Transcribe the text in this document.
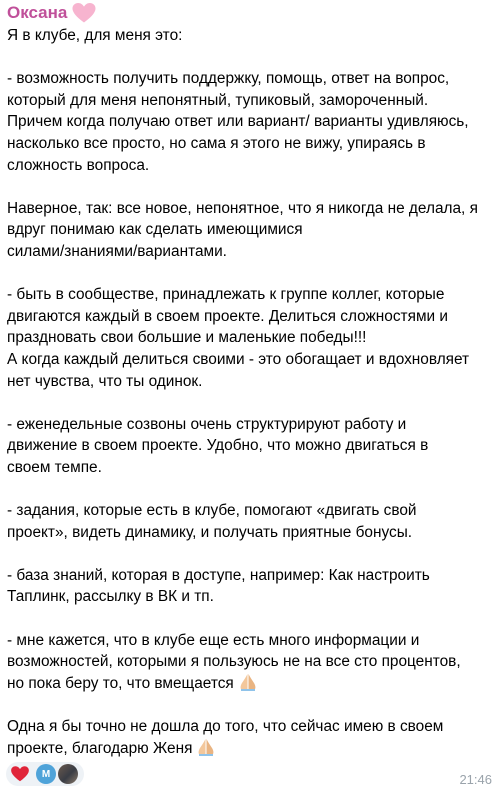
Оксана
Я в клубе, для меня это:
- возможность получить поддержку, помощь, ответ на вопрос,
который для меня непонятный, тупиковый, замороченный.
Причем когда получаю ответ или вариант/ варианты удивляюсь,
насколько все просто, но сама я этого не вижу, упираясь в
сложность вопроса.
Наверное, так: все новое, непонятное, что я никогда не делала, я
вдруг понимаю как сделать имеющимися
силами/знаниями/вариантами.
- быть в сообществе, принадлежать к группе коллег, которые
двигаются каждый в своем проекте. Делиться сложностями и
праздновать свои большие и маленькие победы!!!
А когда каждый делиться своими - это обогащает и вдохновляет
нет чувства, что ты одинок.
- еженедельные созвоны очень структурируют работу и
движение в своем проекте. Удобно, что можно двигаться в
своем темпе.
- задания, которые есть в клубе, помогают «двигать свой
проект», видеть динамику, и получать приятные бонусы.
- база знаний, которая в доступе, например: Как настроить
Таплинк, рассылку в ВК и тп.
- мне кажется, что в клубе еще есть много информации и
возможностей, которыми я пользуюсь не на все сто процентов,
но пока беру то, что вмещается
Одна я бы точно не дошла до того, что сейчас имею в своем
проекте, благодарю Женя
М	21:46
